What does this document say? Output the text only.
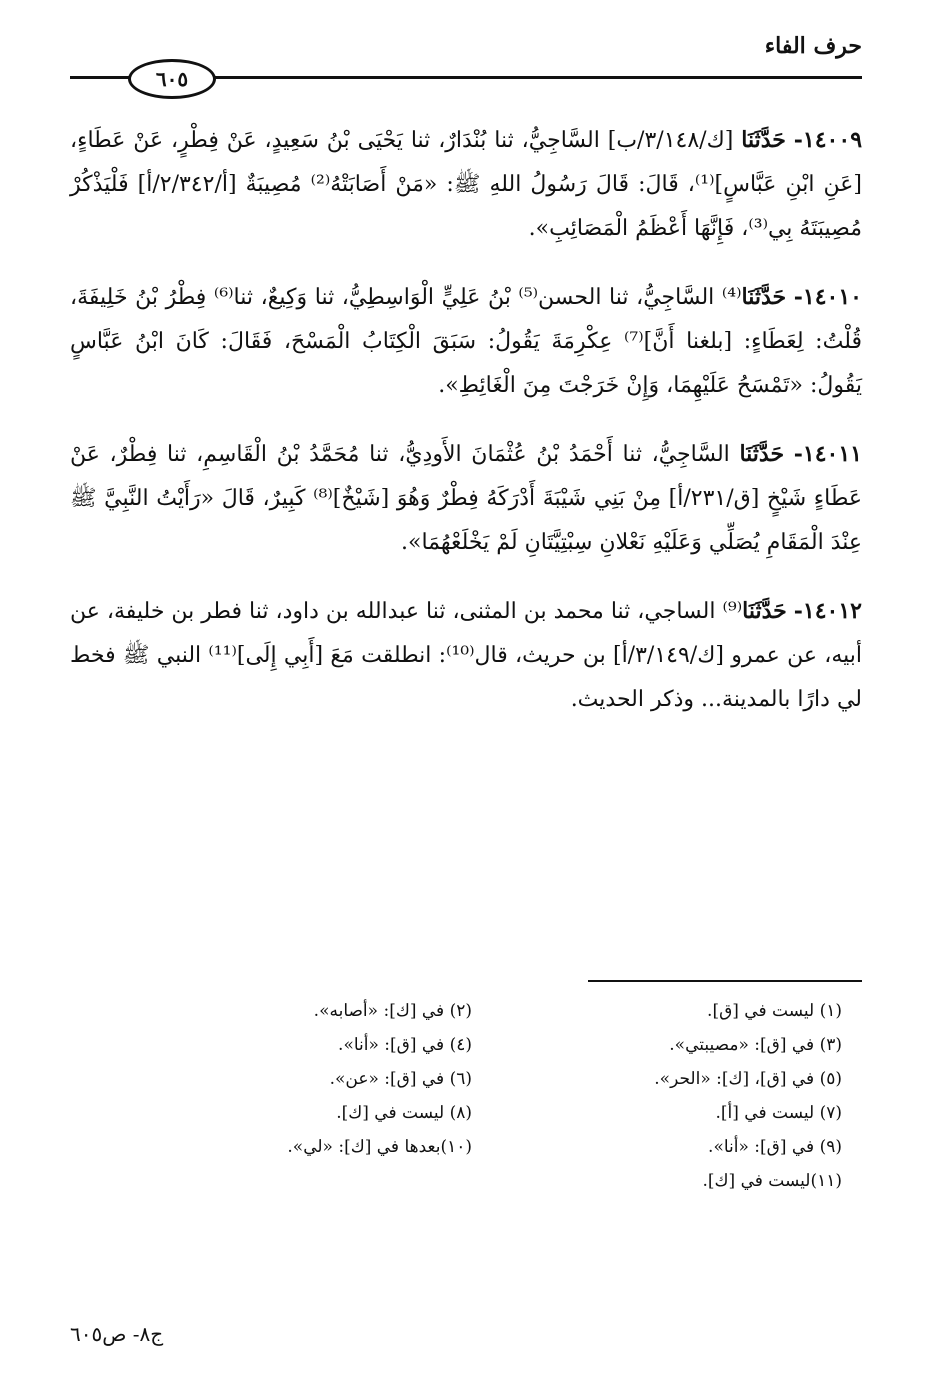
حرف الفاء
٦٠٥

١٤٠٠٩- حَدَّثَنَا [ك/٣/١٤٨/ب] السَّاجِيُّ، ثنا بُنْدَارٌ، ثنا يَحْيَى بْنُ سَعِيدٍ، عَنْ فِطْرٍ، عَنْ عَطَاءٍ، [عَنِ ابْنِ عَبَّاسٍ]⁽¹⁾، قَالَ: قَالَ رَسُولُ اللهِ ﷺ: «مَنْ أَصَابَتْهُ⁽²⁾ مُصِيبَةٌ [أ/٢/٣٤٢/أ] فَلْيَذْكُرْ مُصِيبَتَهُ بِي⁽³⁾، فَإِنَّهَا أَعْظَمُ الْمَصَائِبِ».

١٤٠١٠- حَدَّثَنَا⁽⁴⁾ السَّاجِيُّ، ثنا الحسن⁽⁵⁾ بْنُ عَلِيٍّ الْوَاسِطِيُّ، ثنا وَكِيعٌ، ثنا⁽⁶⁾ فِطْرُ بْنُ خَلِيفَةَ، قُلْتُ: لِعَطَاءٍ: [بلغنا أَنَّ]⁽⁷⁾ عِكْرِمَةَ يَقُولُ: سَبَقَ الْكِتَابُ الْمَسْحَ، فَقَالَ: كَانَ ابْنُ عَبَّاسٍ يَقُولُ: «تَمْسَحُ عَلَيْهِمَا، وَإِنْ خَرَجْتَ مِنَ الْغَائِطِ».

١٤٠١١- حَدَّثَنَا السَّاجِيُّ، ثنا أَحْمَدُ بْنُ عُثْمَانَ الأَودِيُّ، ثنا مُحَمَّدُ بْنُ الْقَاسِمِ، ثنا فِطْرٌ، عَنْ عَطَاءٍ شَيْخٍ [ق/٢٣١/أ] مِنْ بَنِي شَيْبَةَ أَدْرَكَهُ فِطْرٌ وَهُوَ [شَيْخٌ]⁽⁸⁾ كَبِيرٌ، قَالَ «رَأَيْتُ النَّبِيَّ ﷺ عِنْدَ الْمَقَامِ يُصَلِّي وَعَلَيْهِ نَعْلانِ سِبْتِيَّتَانِ لَمْ يَخْلَعْهُمَا».

١٤٠١٢- حَدَّثَنَا⁽⁹⁾ الساجي، ثنا محمد بن المثنى، ثنا عبدالله بن داود، ثنا فطر بن خليفة، عن أبيه، عن عمرو [ك/٣/١٤٩/أ] بن حريث، قال⁽¹⁰⁾: انطلقت مَعَ [أَبِي إِلَى]⁽¹¹⁾ النبي ﷺ فخط لي دارًا بالمدينة... وذكر الحديث.

(١) ليست في [ق].
(٢) في [ك]: «أصابه».
(٣) في [ق]: «مصيبتي».
(٤) في [ق]: «أنا».
(٥) في [ق]، [ك]: «الحر».
(٦) في [ق]: «عن».
(٧) ليست في [أ].
(٨) ليست في [ك].
(٩) في [ق]: «أنا».
(١٠)بعدها في [ك]: «لي».
(١١)ليست في [ك].
ج٨- ص٦٠٥
